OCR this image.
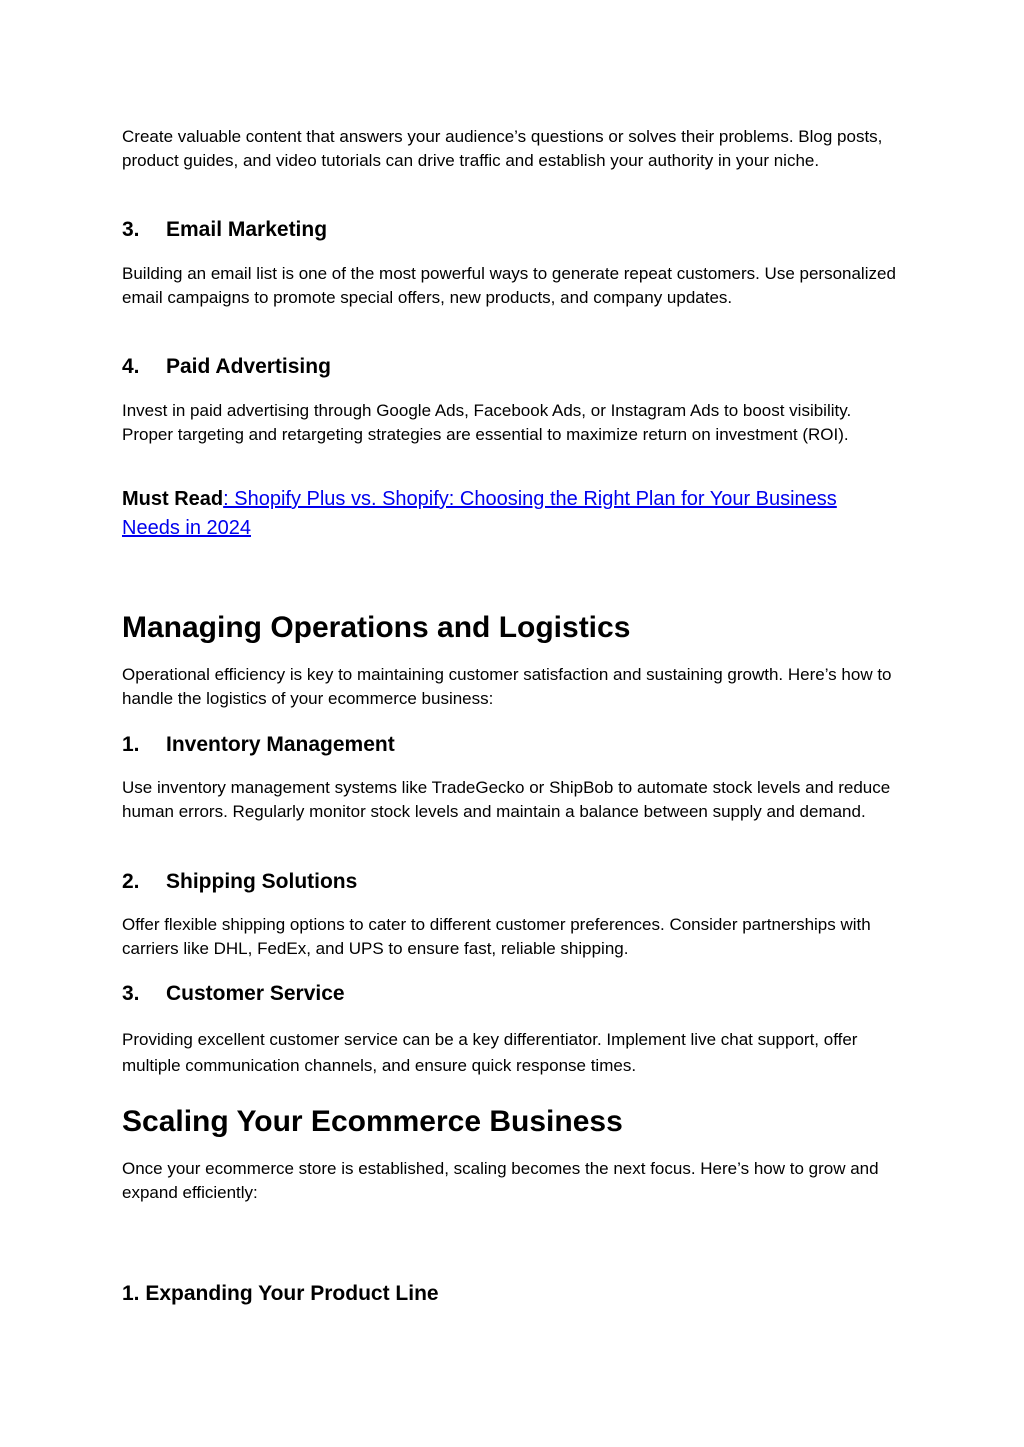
Create valuable content that answers your audience’s questions or solves their problems. Blog posts, product guides, and video tutorials can drive traffic and establish your authority in your niche.

3. Email Marketing

Building an email list is one of the most powerful ways to generate repeat customers. Use personalized email campaigns to promote special offers, new products, and company updates.

4. Paid Advertising

Invest in paid advertising through Google Ads, Facebook Ads, or Instagram Ads to boost visibility. Proper targeting and retargeting strategies are essential to maximize return on investment (ROI).

Must Read: Shopify Plus vs. Shopify: Choosing the Right Plan for Your Business Needs in 2024

Managing Operations and Logistics

Operational efficiency is key to maintaining customer satisfaction and sustaining growth. Here’s how to handle the logistics of your ecommerce business:

1. Inventory Management

Use inventory management systems like TradeGecko or ShipBob to automate stock levels and reduce human errors. Regularly monitor stock levels and maintain a balance between supply and demand.

2. Shipping Solutions

Offer flexible shipping options to cater to different customer preferences. Consider partnerships with carriers like DHL, FedEx, and UPS to ensure fast, reliable shipping.

3. Customer Service

Providing excellent customer service can be a key differentiator. Implement live chat support, offer multiple communication channels, and ensure quick response times.

Scaling Your Ecommerce Business

Once your ecommerce store is established, scaling becomes the next focus. Here’s how to grow and expand efficiently:

1. Expanding Your Product Line
